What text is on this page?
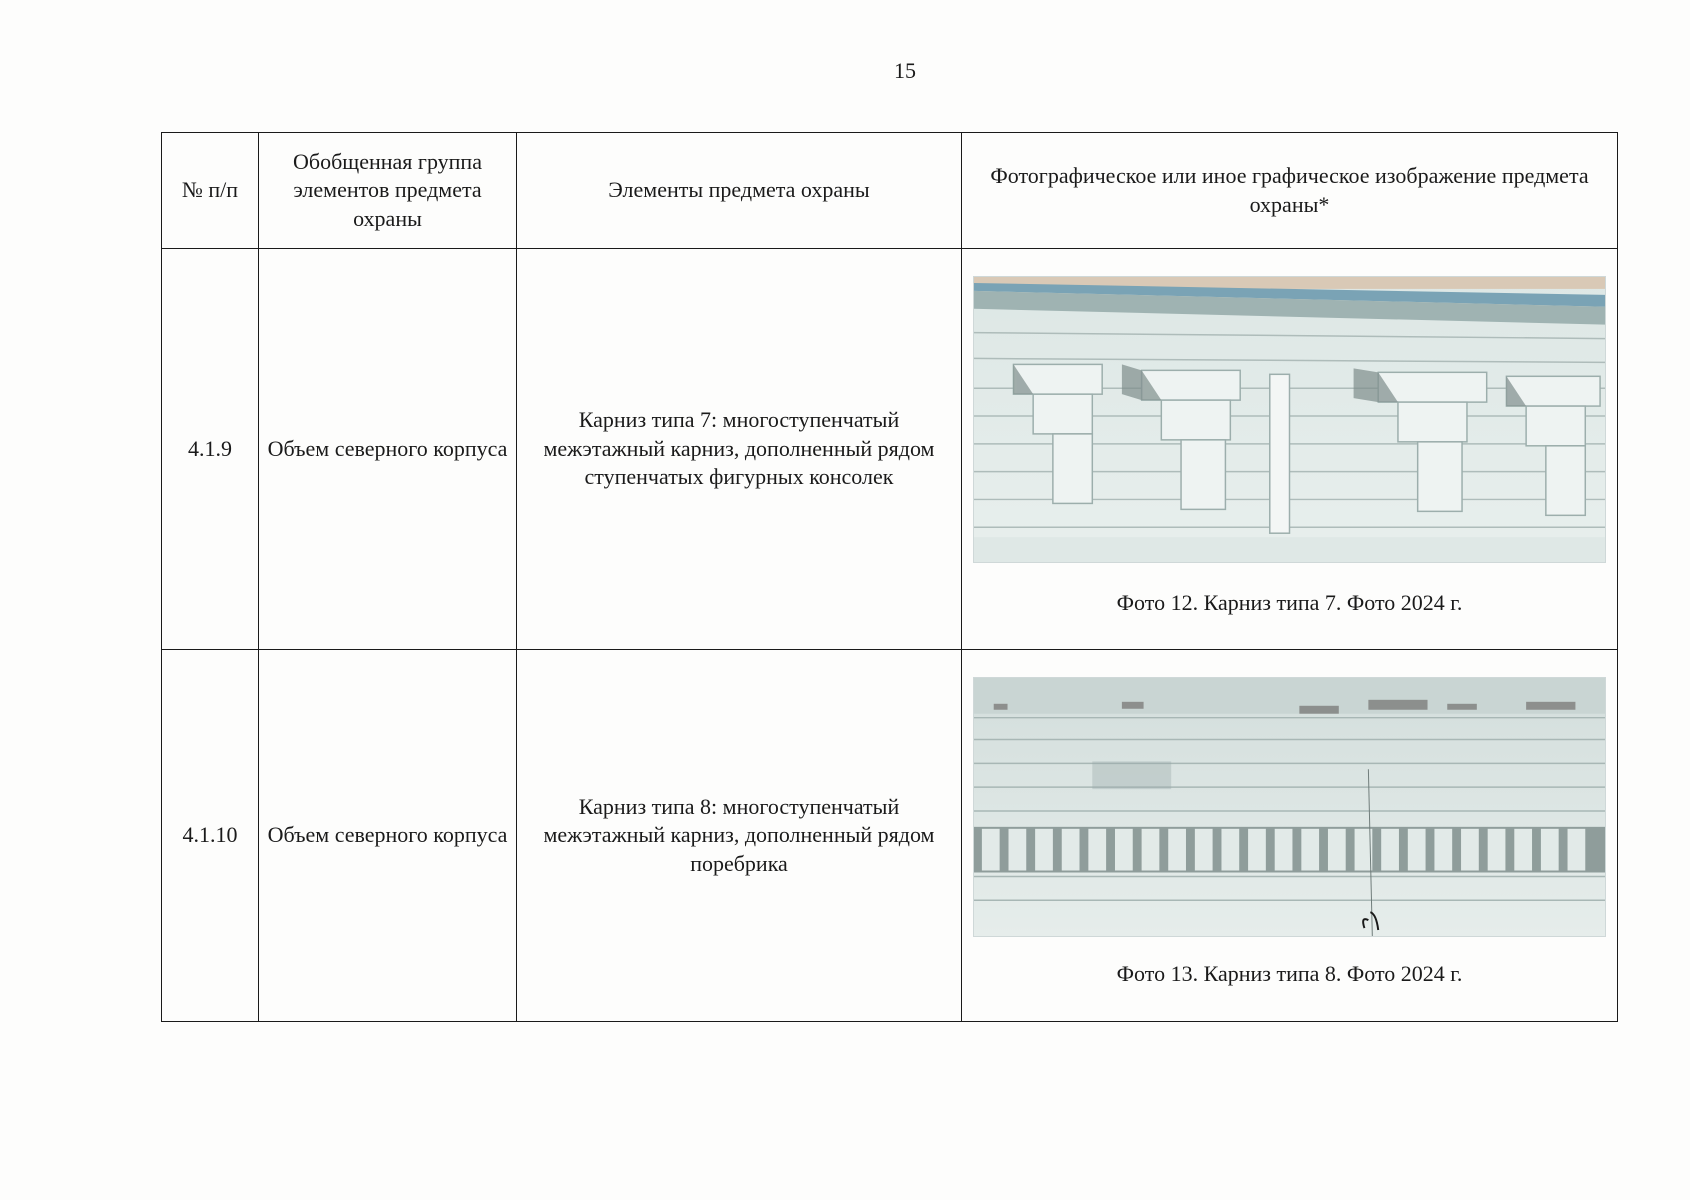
15
№ п/п	Обобщенная группа элементов предмета охраны	Элементы предмета охраны	Фотографическое или иное графическое изображение предмета охраны*
4.1.9	Объем северного корпуса	Карниз типа 7: многоступенчатый межэтажный карниз, дополненный рядом ступенчатых фигурных консолек	Фото 12. Карниз типа 7. Фото 2024 г.

4.1.10	Объем северного корпуса	Карниз типа 8: многоступенчатый межэтажный карниз, дополненный рядом поребрика	Фото 13. Карниз типа 8. Фото 2024 г.
